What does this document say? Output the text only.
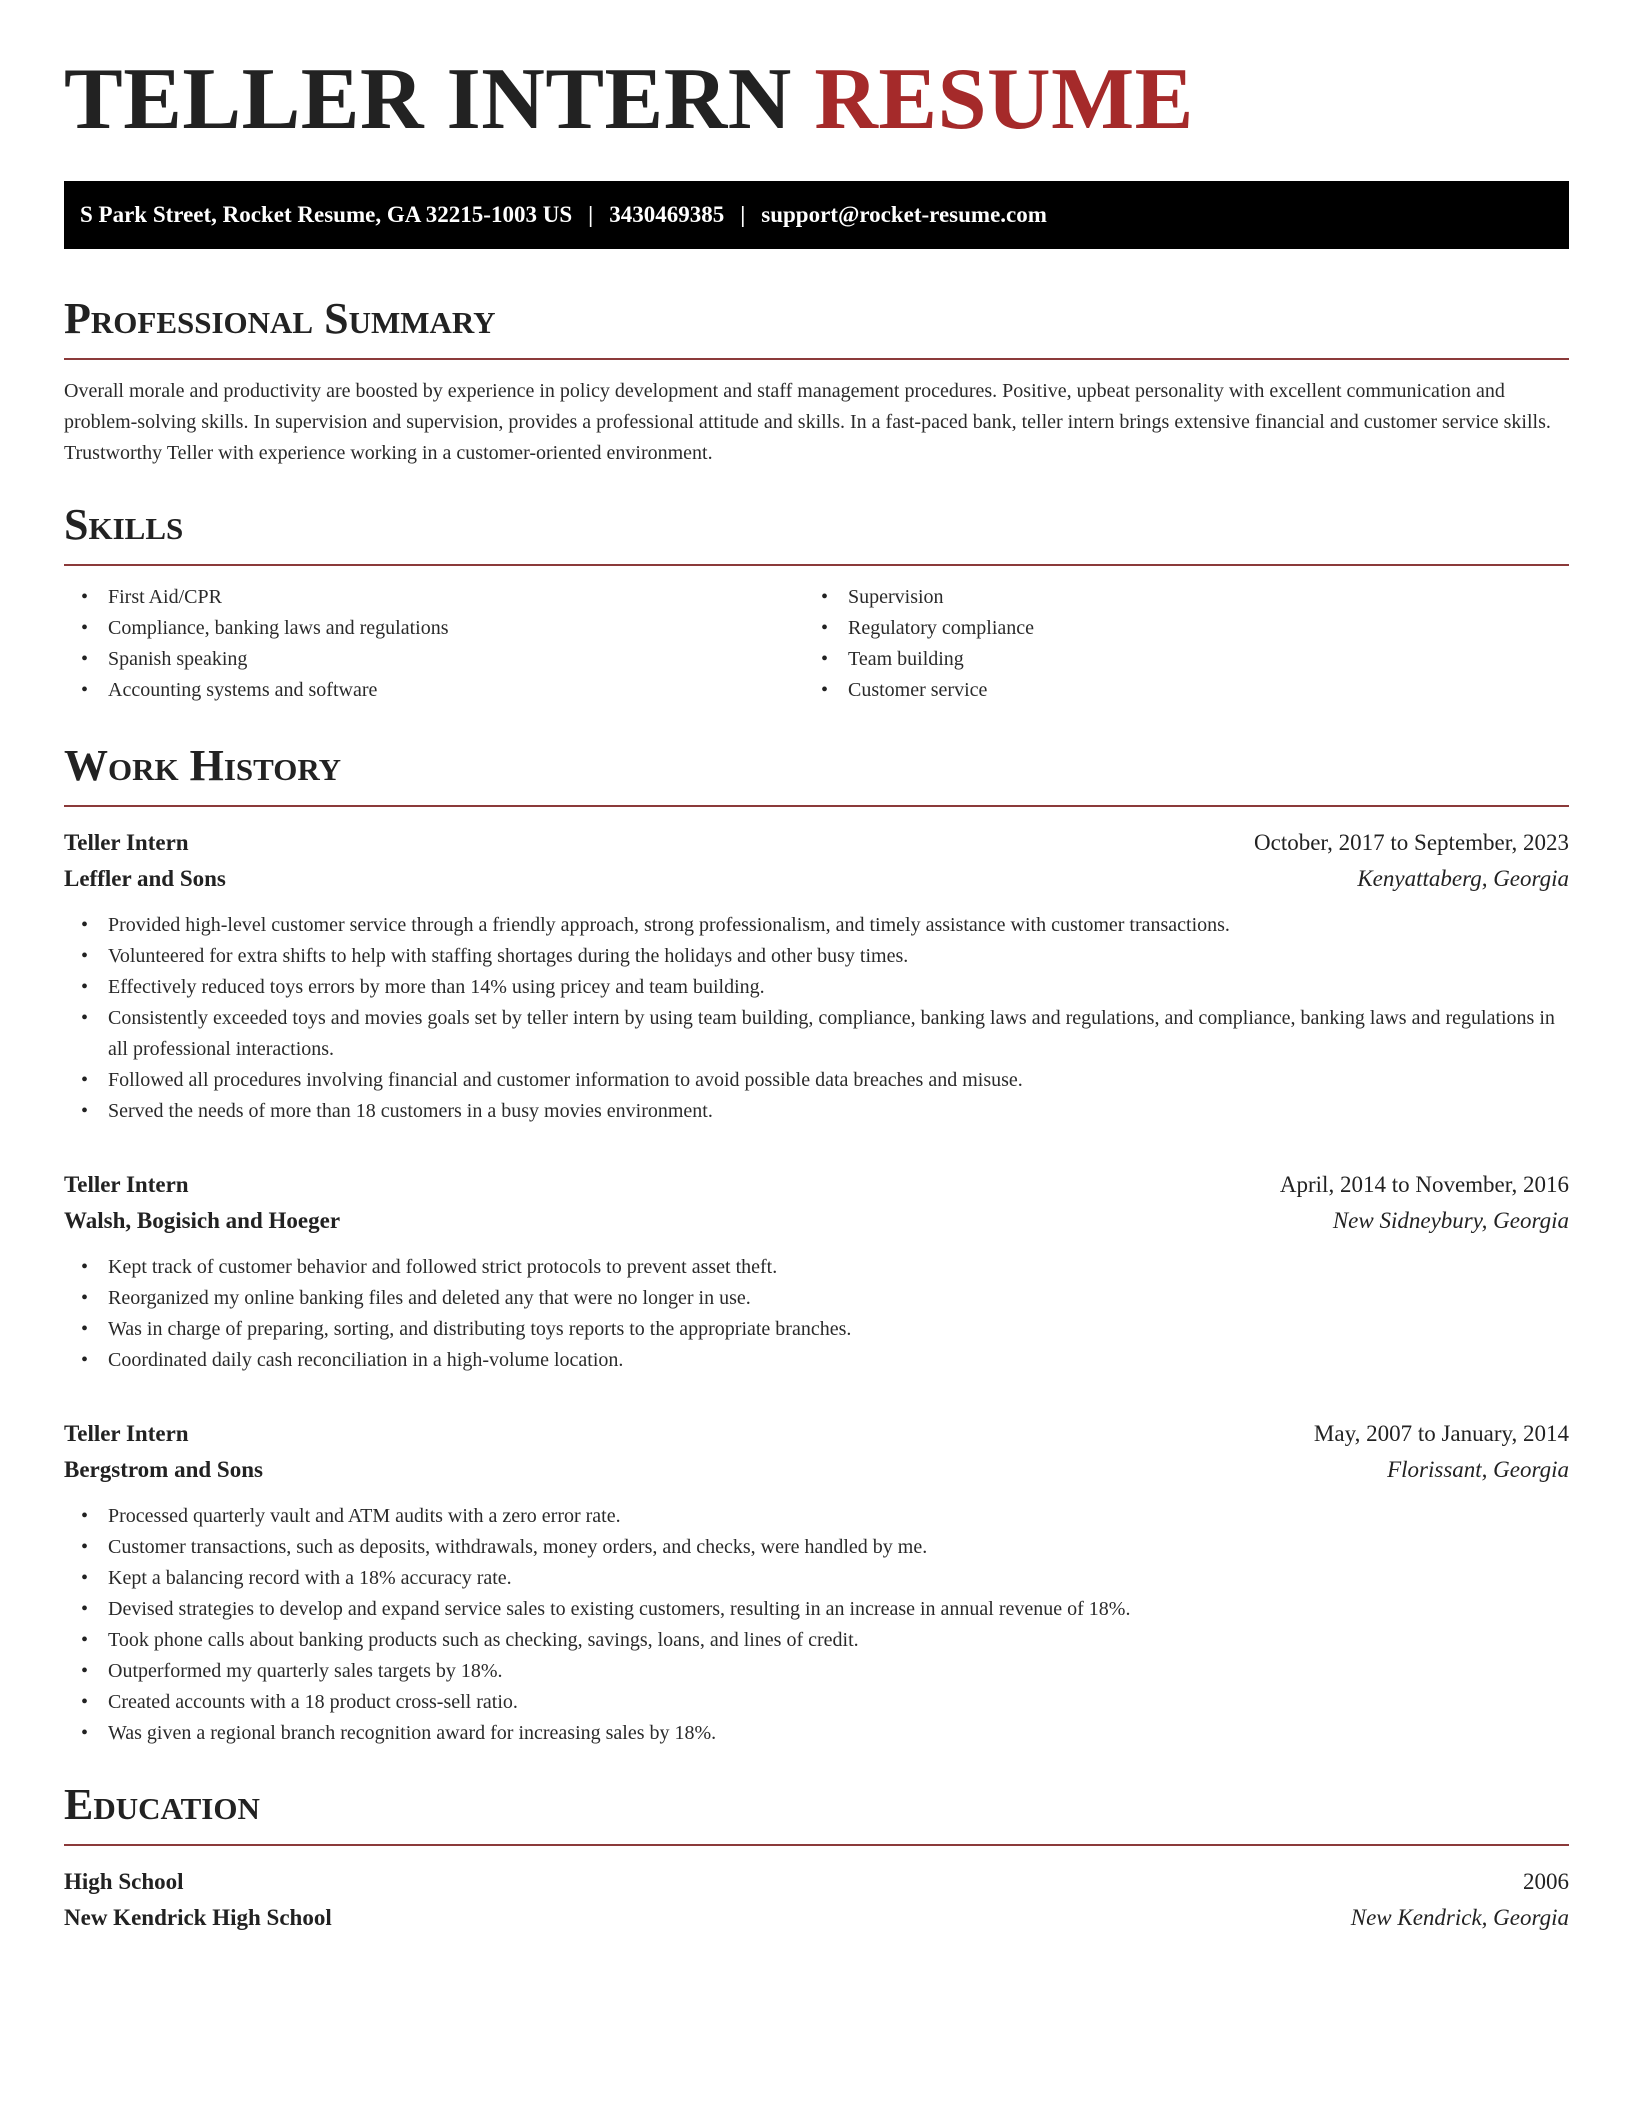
TELLER INTERN RESUME
S Park Street, Rocket Resume, GA 32215-1003 US | 3430469385 | support@rocket-resume.com
Professional Summary

Overall morale and productivity are boosted by experience in policy development and staff management procedures. Positive, upbeat personality with excellent communication and problem-solving skills. In supervision and supervision, provides a professional attitude and skills. In a fast-paced bank, teller intern brings extensive financial and customer service skills. Trustworthy Teller with experience working in a customer-oriented environment.

Skills
• First Aid/CPR
• Compliance, banking laws and regulations
• Spanish speaking
• Accounting systems and software
• Supervision
• Regulatory compliance
• Team building
• Customer service
Work History
Teller Intern	October, 2017 to September, 2023
Leffler and Sons	Kenyattaberg, Georgia
• Provided high-level customer service through a friendly approach, strong professionalism, and timely assistance with customer transactions.
• Volunteered for extra shifts to help with staffing shortages during the holidays and other busy times.
• Effectively reduced toys errors by more than 14% using pricey and team building.
• Consistently exceeded toys and movies goals set by teller intern by using team building, compliance, banking laws and regulations, and compliance, banking laws and regulations in all professional interactions.
• Followed all procedures involving financial and customer information to avoid possible data breaches and misuse.
• Served the needs of more than 18 customers in a busy movies environment.
Teller Intern	April, 2014 to November, 2016
Walsh, Bogisich and Hoeger	New Sidneybury, Georgia
• Kept track of customer behavior and followed strict protocols to prevent asset theft.
• Reorganized my online banking files and deleted any that were no longer in use.
• Was in charge of preparing, sorting, and distributing toys reports to the appropriate branches.
• Coordinated daily cash reconciliation in a high-volume location.
Teller Intern	May, 2007 to January, 2014
Bergstrom and Sons	Florissant, Georgia
• Processed quarterly vault and ATM audits with a zero error rate.
• Customer transactions, such as deposits, withdrawals, money orders, and checks, were handled by me.
• Kept a balancing record with a 18% accuracy rate.
• Devised strategies to develop and expand service sales to existing customers, resulting in an increase in annual revenue of 18%.
• Took phone calls about banking products such as checking, savings, loans, and lines of credit.
• Outperformed my quarterly sales targets by 18%.
• Created accounts with a 18 product cross-sell ratio.
• Was given a regional branch recognition award for increasing sales by 18%.
Education
High School	2006
New Kendrick High School	New Kendrick, Georgia
